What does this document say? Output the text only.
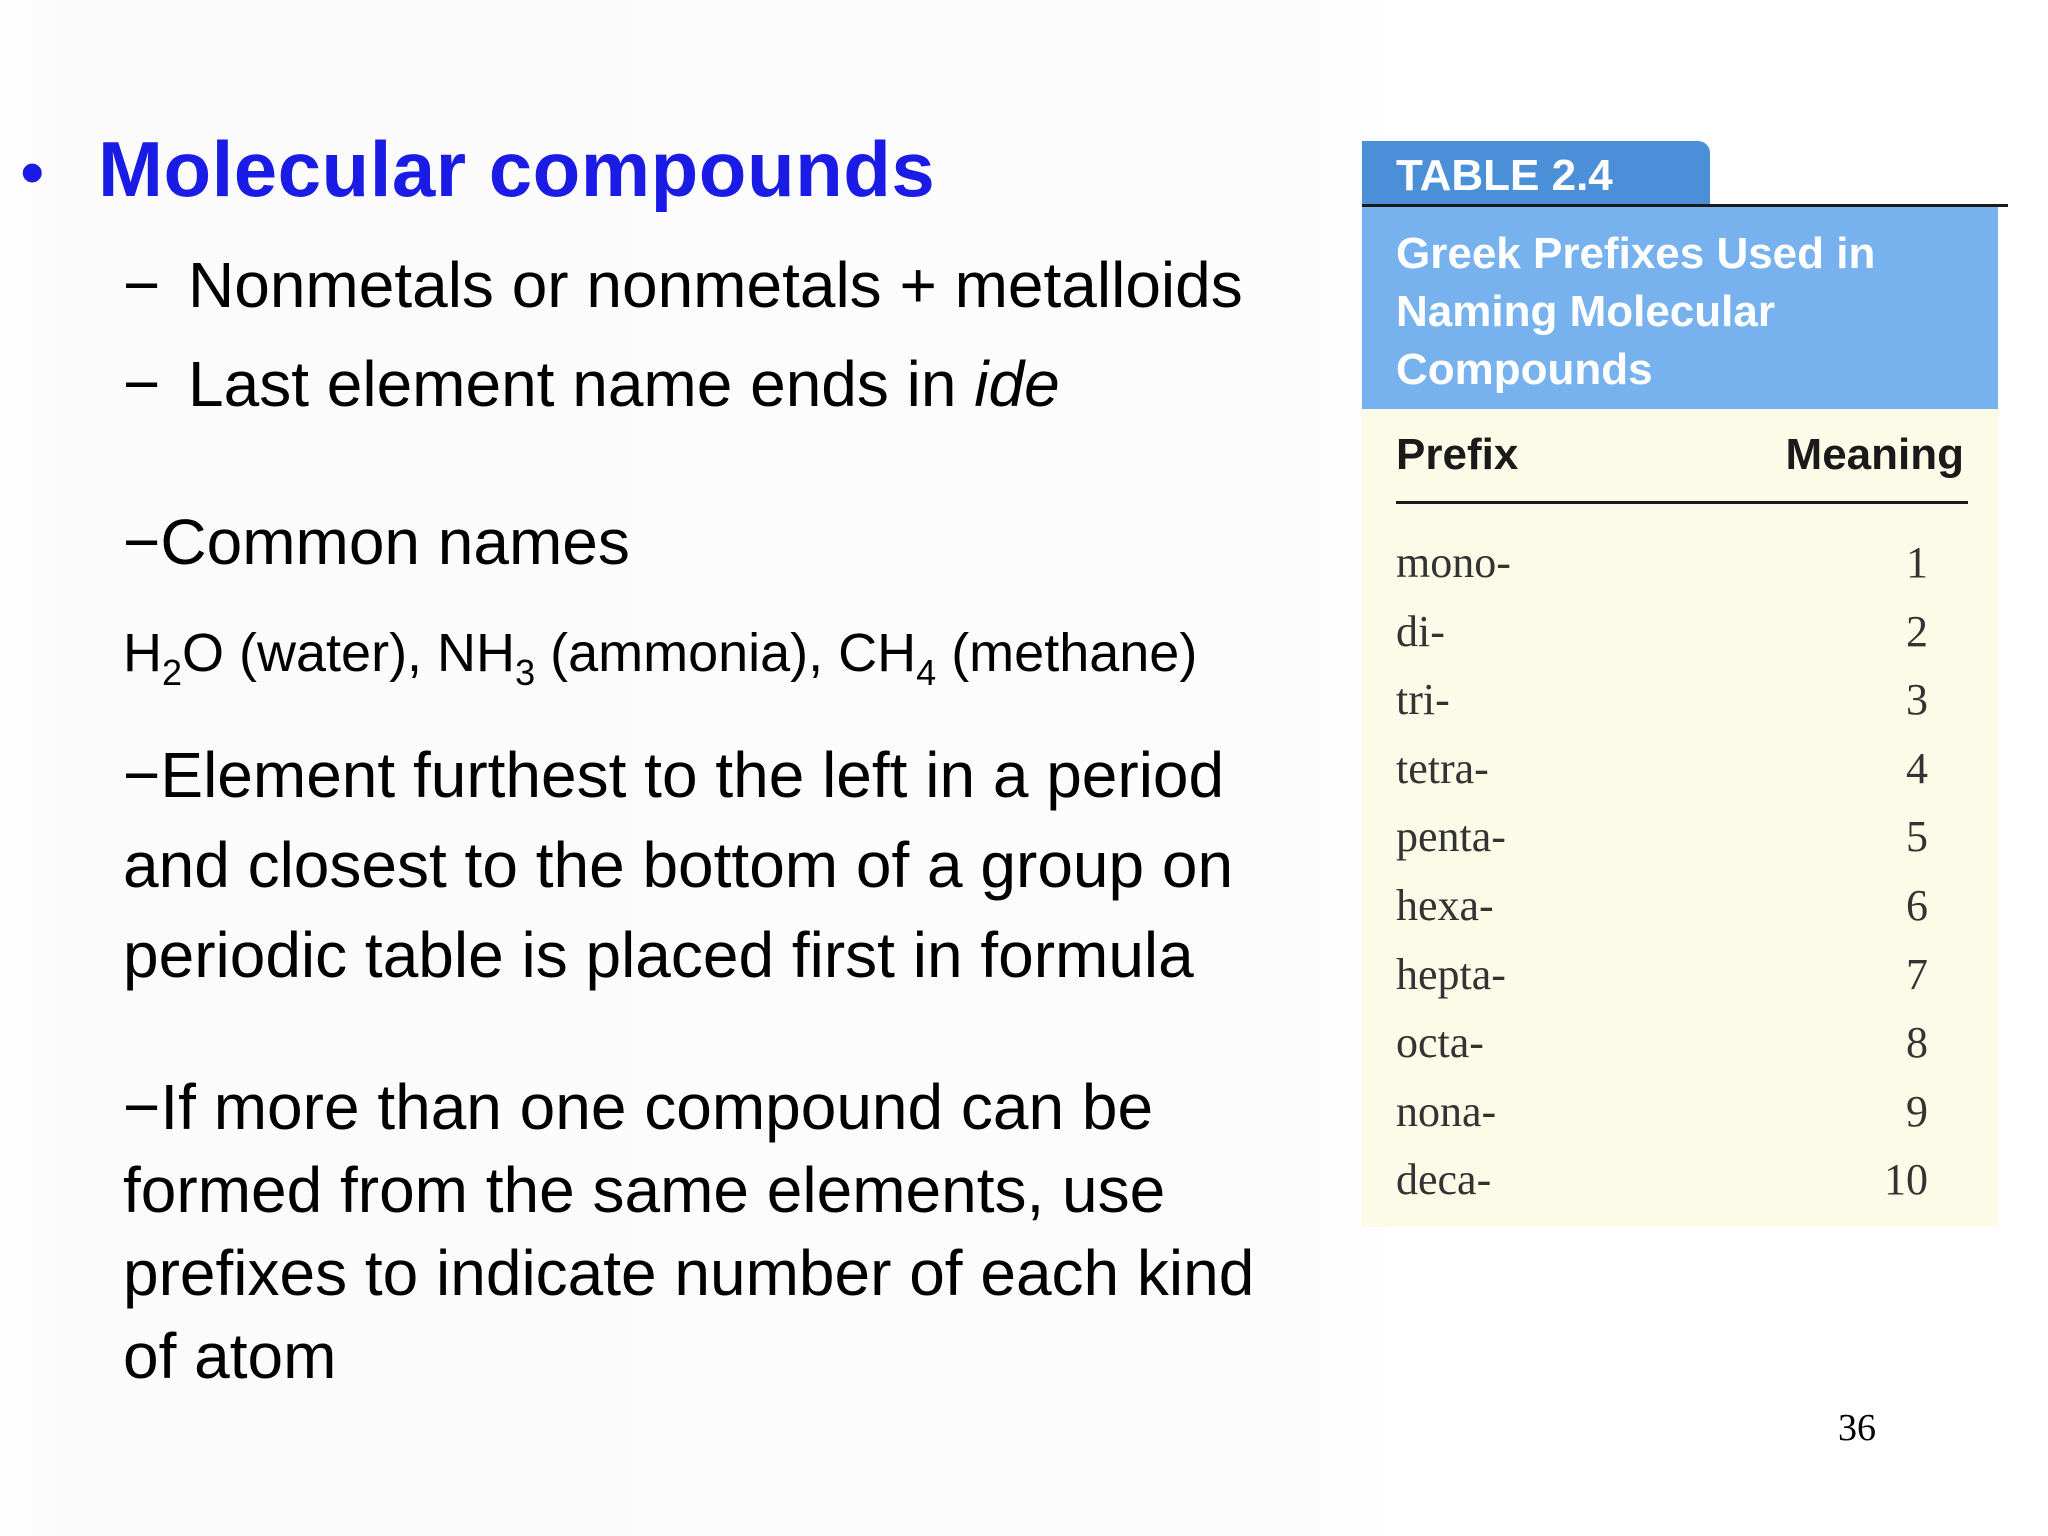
• Molecular compounds
− Nonmetals or nonmetals + metalloids
− Last element name ends in ide
−Common names
$H_2O$ (water), $NH_3$ (ammonia), $CH_4$ (methane)
−Element furthest to the left in a period
and closest to the bottom of a group on
periodic table is placed first in formula
−If more than one compound can be
formed from the same elements, use
prefixes to indicate number of each kind
of atom
TABLE 2.4
Greek Prefixes Used in
Naming Molecular
Compounds
Prefix	Meaning
mono-	1
di-	2
tri-	3
tetra-	4
penta-	5
hexa-	6
hepta-	7
octa-	8
nona-	9
deca-	10
36
